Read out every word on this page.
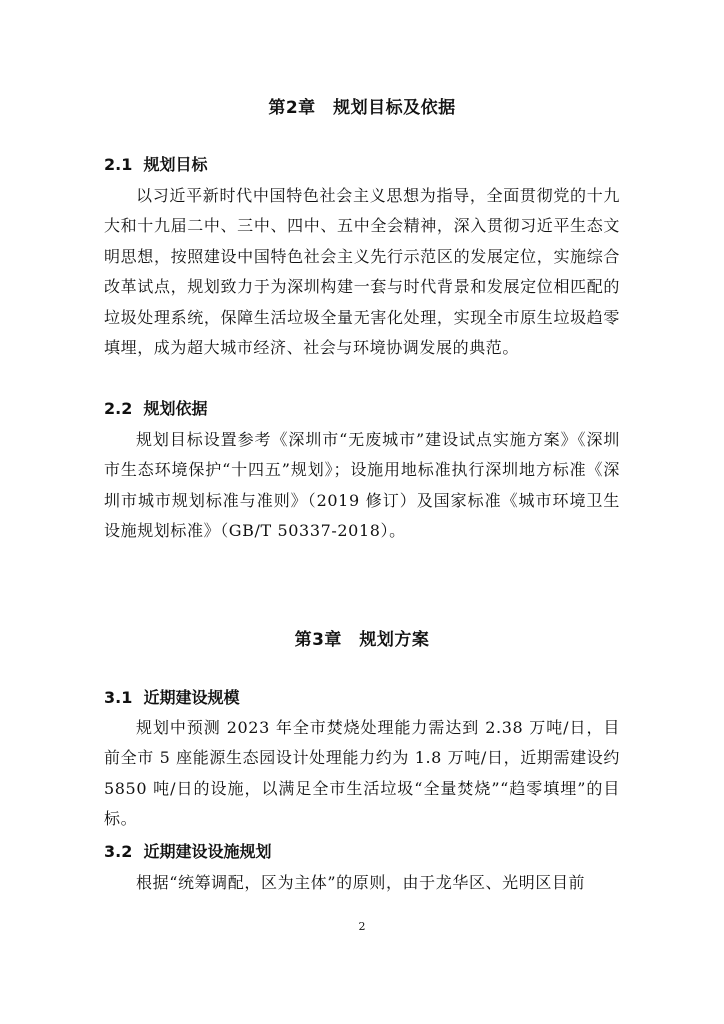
第2章　规划目标及依据
2.1  规划目标

以习近平新时代中国特色社会主义思想为指导，全面贯彻党的十九大和十九届二中、三中、四中、五中全会精神，深入贯彻习近平生态文明思想，按照建设中国特色社会主义先行示范区的发展定位，实施综合改革试点，规划致力于为深圳构建一套与时代背景和发展定位相匹配的垃圾处理系统，保障生活垃圾全量无害化处理，实现全市原生垃圾趋零填埋，成为超大城市经济、社会与环境协调发展的典范。

2.2  规划依据

规划目标设置参考《深圳市“无废城市”建设试点实施方案》《深圳市生态环境保护“十四五”规划》；设施用地标准执行深圳地方标准《深圳市城市规划标准与准则》（2019 修订）及国家标准《城市环境卫生设施规划标准》（GB/T 50337-2018）。

第3章　规划方案
3.1  近期建设规模

规划中预测 2023 年全市焚烧处理能力需达到 2.38 万吨/日，目前全市 5 座能源生态园设计处理能力约为 1.8 万吨/日，近期需建设约 5850 吨/日的设施，以满足全市生活垃圾“全量焚烧”“趋零填埋”的目标。

3.2  近期建设设施规划

根据“统筹调配，区为主体”的原则，由于龙华区、光明区目前

2
